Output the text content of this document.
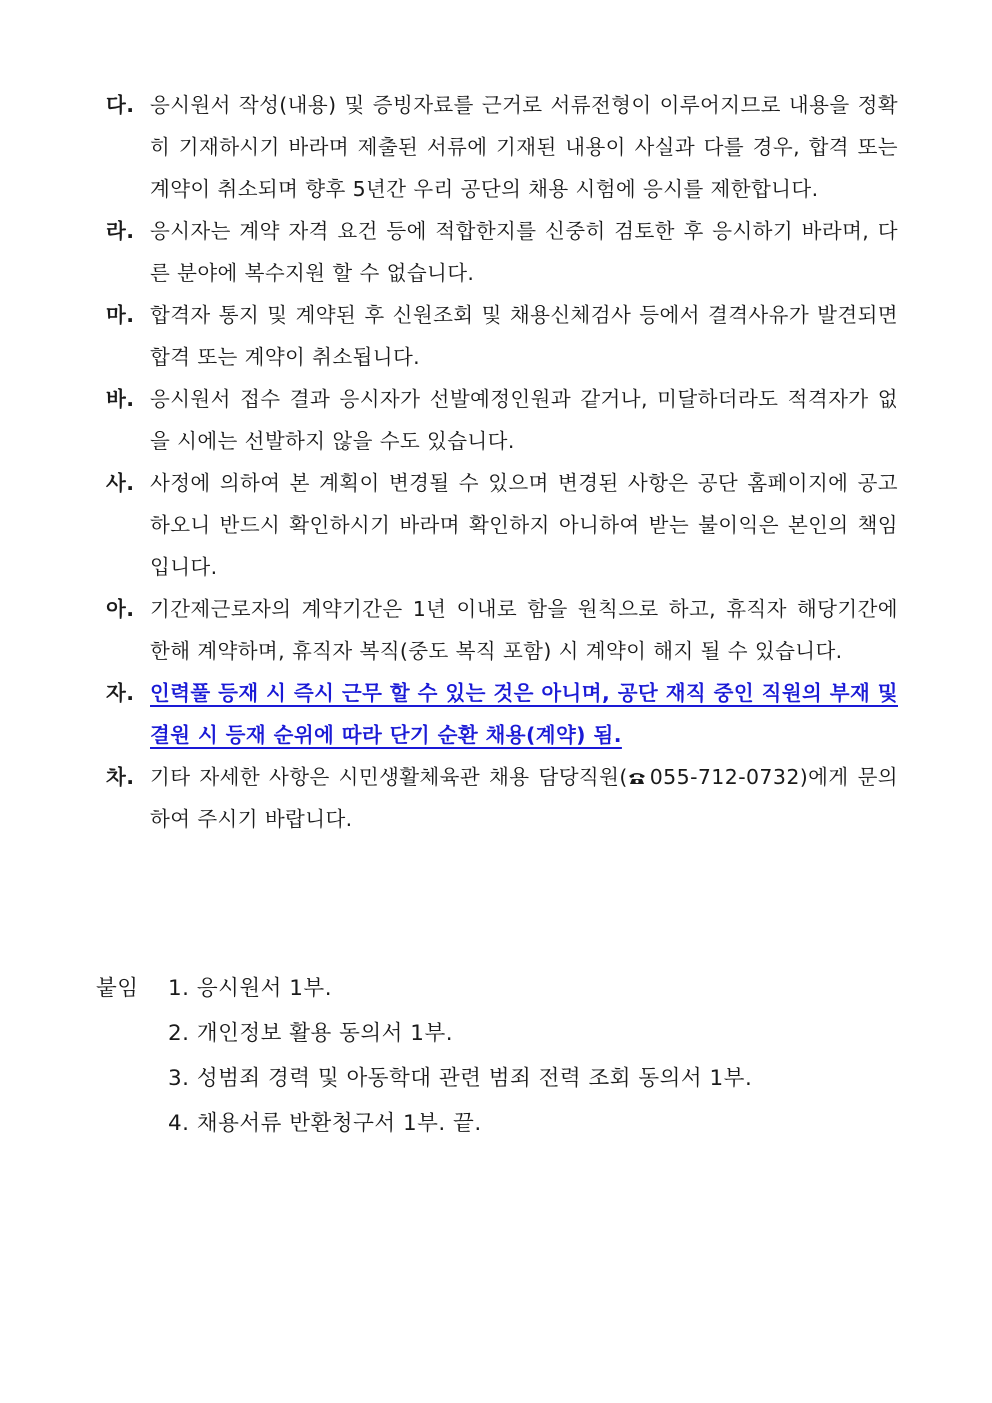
다. 응시원서 작성(내용) 및 증빙자료를 근거로 서류전형이 이루어지므로 내용을 정확히 기재하시기 바라며 제출된 서류에 기재된 내용이 사실과 다를 경우, 합격 또는 계약이 취소되며 향후 5년간 우리 공단의 채용 시험에 응시를 제한합니다.
라. 응시자는 계약 자격 요건 등에 적합한지를 신중히 검토한 후 응시하기 바라며, 다른 분야에 복수지원 할 수 없습니다.
마. 합격자 통지 및 계약된 후 신원조회 및 채용신체검사 등에서 결격사유가 발견되면 합격 또는 계약이 취소됩니다.
바. 응시원서 접수 결과 응시자가 선발예정인원과 같거나, 미달하더라도 적격자가 없을 시에는 선발하지 않을 수도 있습니다.
사. 사정에 의하여 본 계획이 변경될 수 있으며 변경된 사항은 공단 홈페이지에 공고 하오니 반드시 확인하시기 바라며 확인하지 아니하여 받는 불이익은 본인의 책임입니다.
아. 기간제근로자의 계약기간은 1년 이내로 함을 원칙으로 하고, 휴직자 해당기간에 한해 계약하며, 휴직자 복직(중도 복직 포함) 시 계약이 해지 될 수 있습니다.
자. 인력풀 등재 시 즉시 근무 할 수 있는 것은 아니며, 공단 재직 중인 직원의 부재 및 결원 시 등재 순위에 따라 단기 순환 채용(계약) 됨.
차. 기타 자세한 사항은 시민생활체육관 채용 담당직원( 055-712-0732)에게 문의하여 주시기 바랍니다.
붙임	1. 응시원서 1부.
2. 개인정보 활용 동의서 1부.
3. 성범죄 경력 및 아동학대 관련 범죄 전력 조회 동의서 1부.
4. 채용서류 반환청구서 1부. 끝.
